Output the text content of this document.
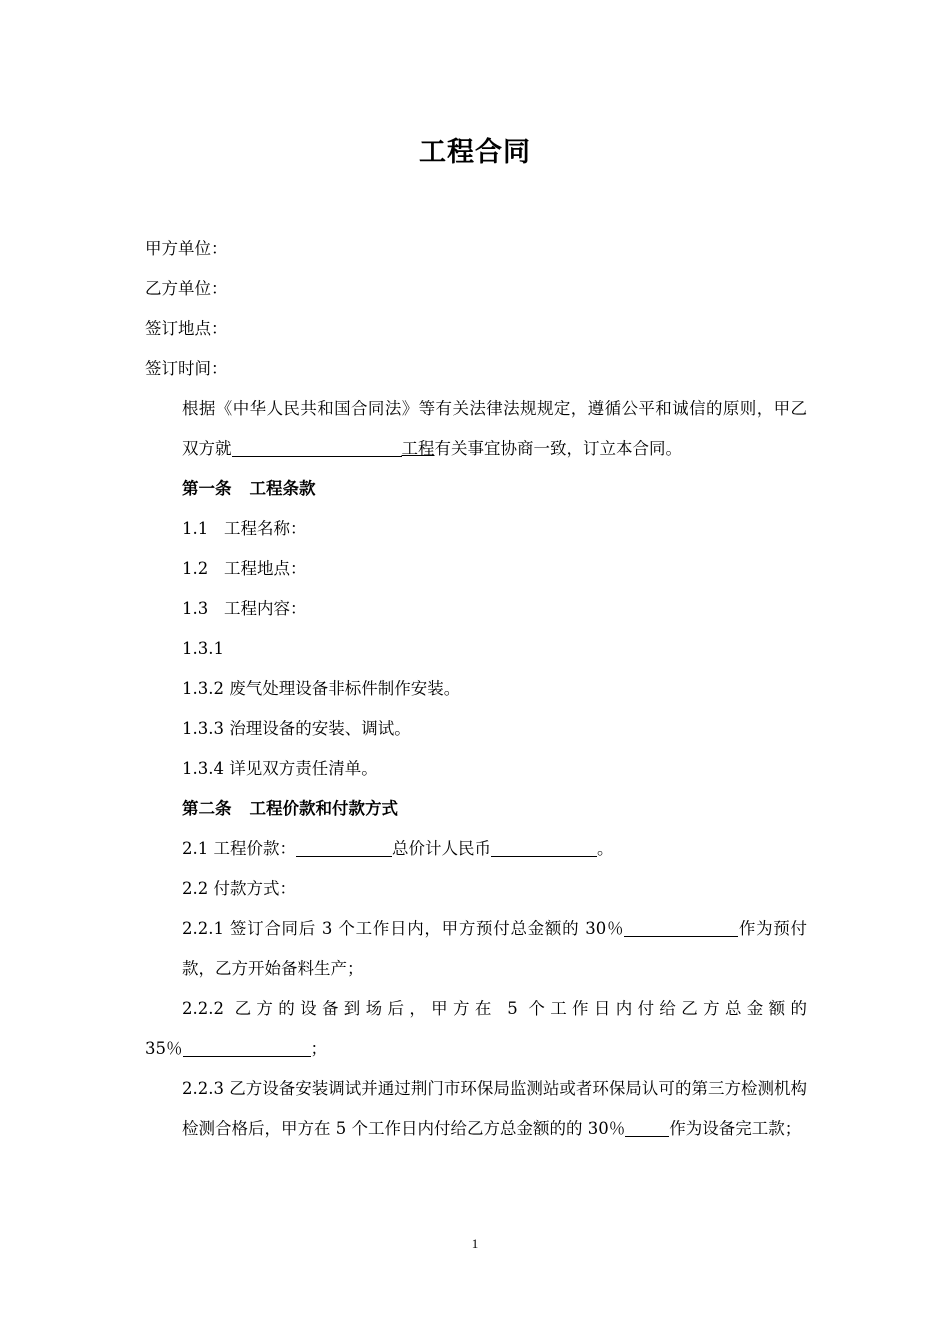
工程合同

甲方单位：

乙方单位：

签订地点：

签订时间：

根据《中华人民共和国合同法》等有关法律法规规定，遵循公平和诚信的原则，甲乙双方就	工程有关事宜协商一致，订立本合同。

第一条 工程条款

1.1 工程名称：

1.2 工程地点：

1.3 工程内容：

1.3.1

1.3.2 废气处理设备非标件制作安装。

1.3.3 治理设备的安装、调试。

1.3.4 详见双方责任清单。

第二条 工程价款和付款方式

2.1 工程价款：	总价计人民币	。

2.2 付款方式：

2.2.1 签订合同后 3 个工作日内，甲方预付总金额的 30％	作为预付款，乙方开始备料生产；

2.2.2 乙方的设备到场后，甲方在 5 个工作日内付给乙方总金额的

35％	；

2.2.3 乙方设备安装调试并通过荆门市环保局监测站或者环保局认可的第三方检测机构检测合格后，甲方在 5 个工作日内付给乙方总金额的的 30％	作为设备完工款；

1
